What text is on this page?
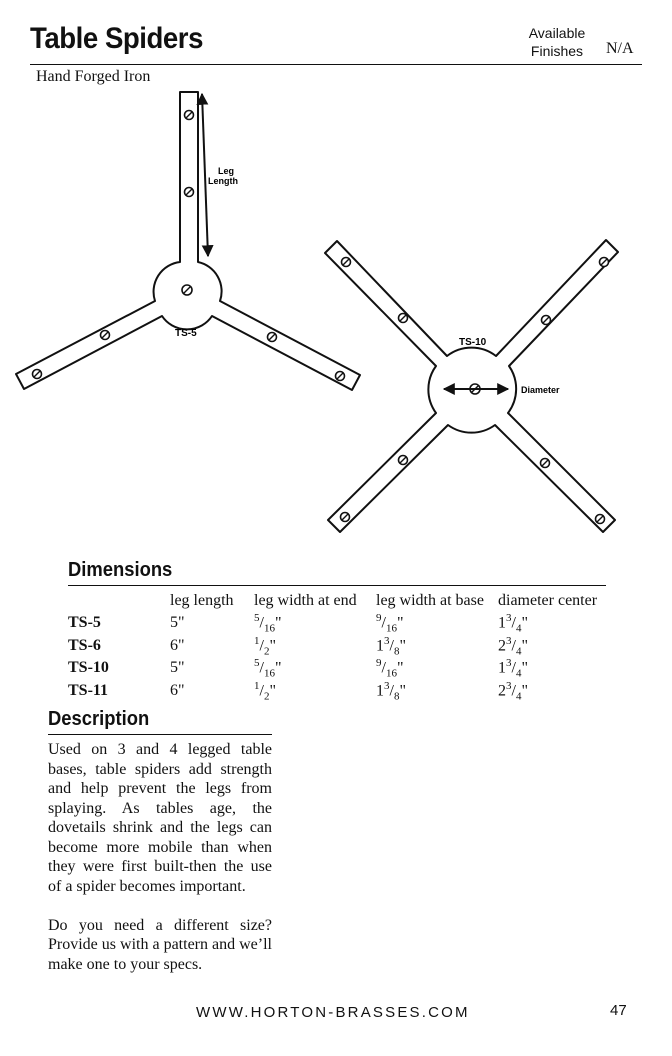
Table Spiders	Available
Finishes	N/A
Hand Forged Iron
Leg
Length
TS-5
TS-10
Diameter
Dimensions
	leg length	leg width at end	leg width at base	diameter center
TS-5	5"	$^5/_{16}$"	$^9/_{16}$"	$1^3/_4$"
TS-6	6"	$^1/_2$"	$1^3/_8$"	$2^3/_4$"
TS-10	5"	$^5/_{16}$"	$^9/_{16}$"	$1^3/_4$"
TS-11	6"	$^1/_2$"	$1^3/_8$"	$2^3/_4$"
Description

Used on 3 and 4 legged table bases, table spiders add strength and help prevent the legs from splaying. As tables age, the dovetails shrink and the legs can become more mobile than when they were first built-then the use of a spider becomes important.

Do you need a different size? Provide us with a pattern and we’ll make one to your specs.

WWW.HORTON-BRASSES.COM	47
